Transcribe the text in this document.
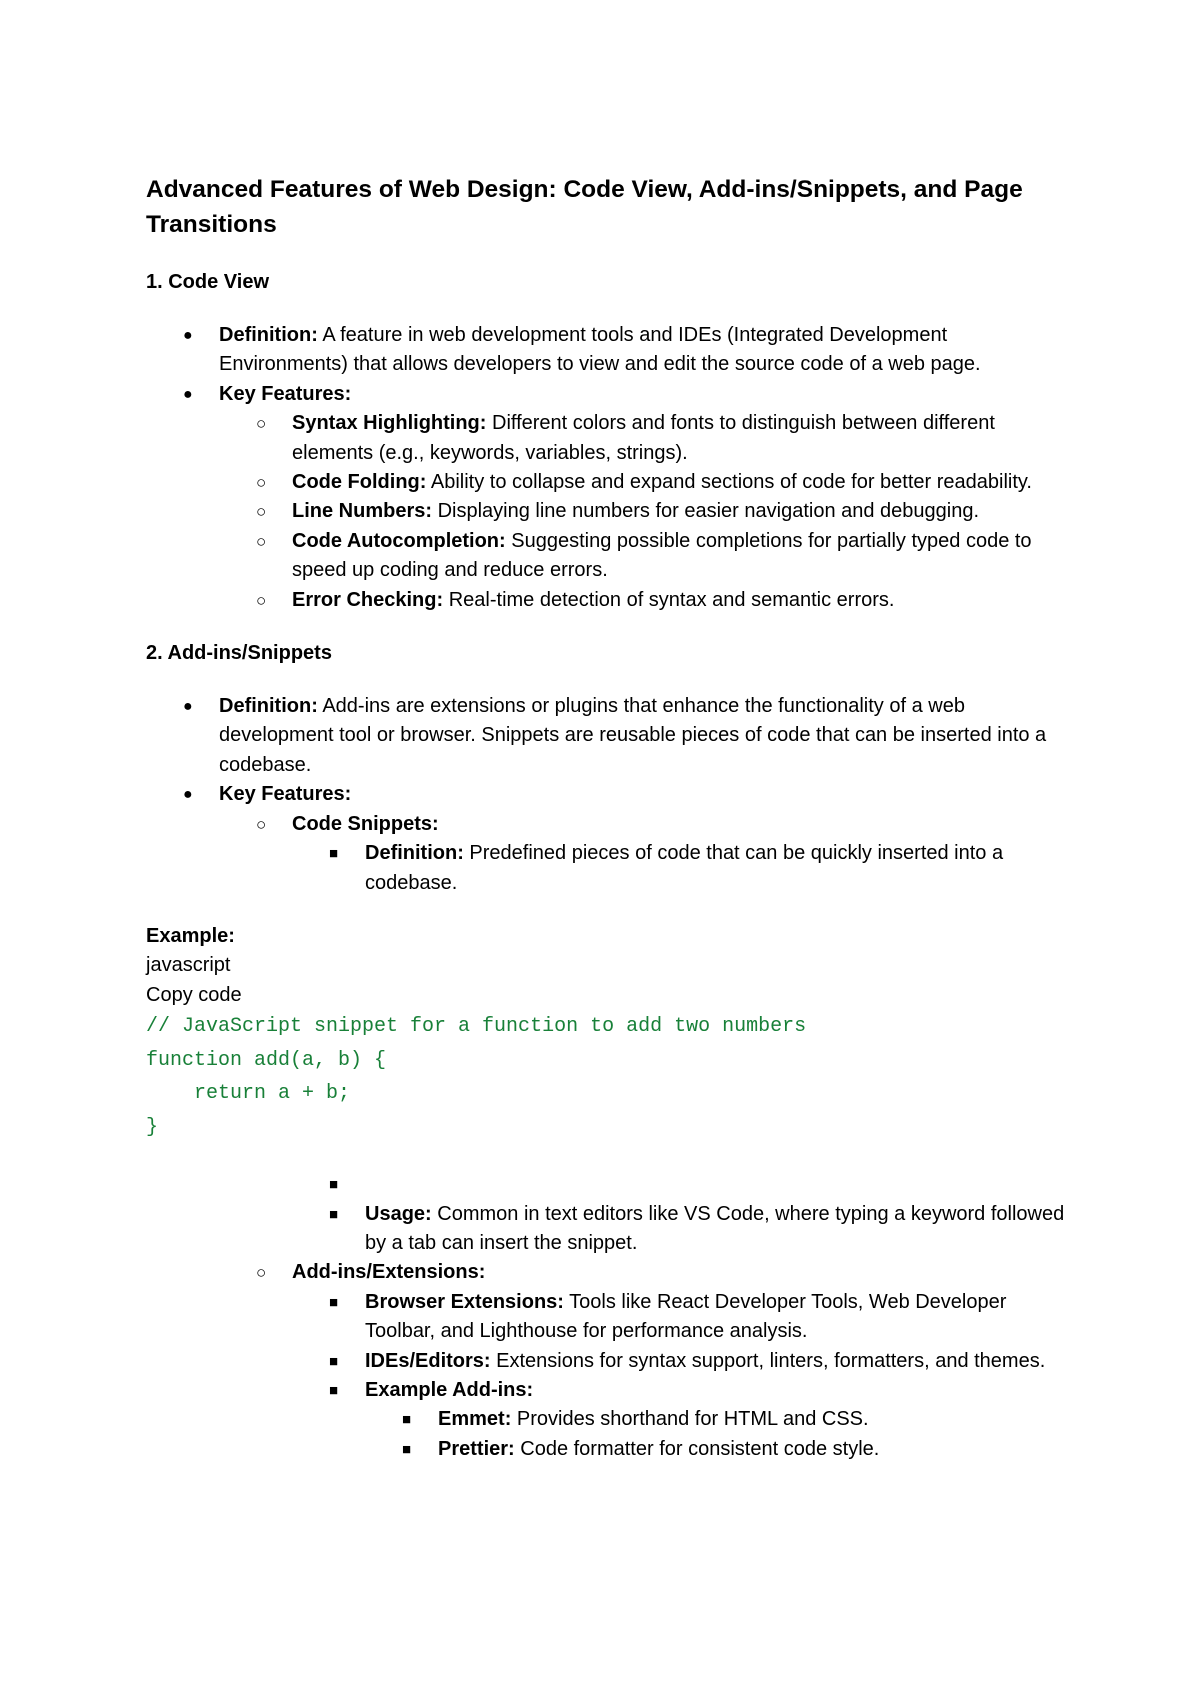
Advanced Features of Web Design: Code View, Add-ins/Snippets, and Page Transitions
1. Code View
● Definition: A feature in web development tools and IDEs (Integrated Development Environments) that allows developers to view and edit the source code of a web page.
● Key Features:
○ Syntax Highlighting: Different colors and fonts to distinguish between different elements (e.g., keywords, variables, strings).
○ Code Folding: Ability to collapse and expand sections of code for better readability.
○ Line Numbers: Displaying line numbers for easier navigation and debugging.
○ Code Autocompletion: Suggesting possible completions for partially typed code to speed up coding and reduce errors.
○ Error Checking: Real-time detection of syntax and semantic errors.
2. Add-ins/Snippets
● Definition: Add-ins are extensions or plugins that enhance the functionality of a web development tool or browser. Snippets are reusable pieces of code that can be inserted into a codebase.
● Key Features:
○ Code Snippets:
■ Definition: Predefined pieces of code that can be quickly inserted into a codebase.

Example:

javascript

Copy code

// JavaScript snippet for a function to add two numbers
function add(a, b) {
return a + b;
}
■

■ Usage: Common in text editors like VS Code, where typing a keyword followed by a tab can insert the snippet.
○ Add-ins/Extensions:
■ Browser Extensions: Tools like React Developer Tools, Web Developer Toolbar, and Lighthouse for performance analysis.
■ IDEs/Editors: Extensions for syntax support, linters, formatters, and themes.
■ Example Add-ins:
■ Emmet: Provides shorthand for HTML and CSS.
■ Prettier: Code formatter for consistent code style.
